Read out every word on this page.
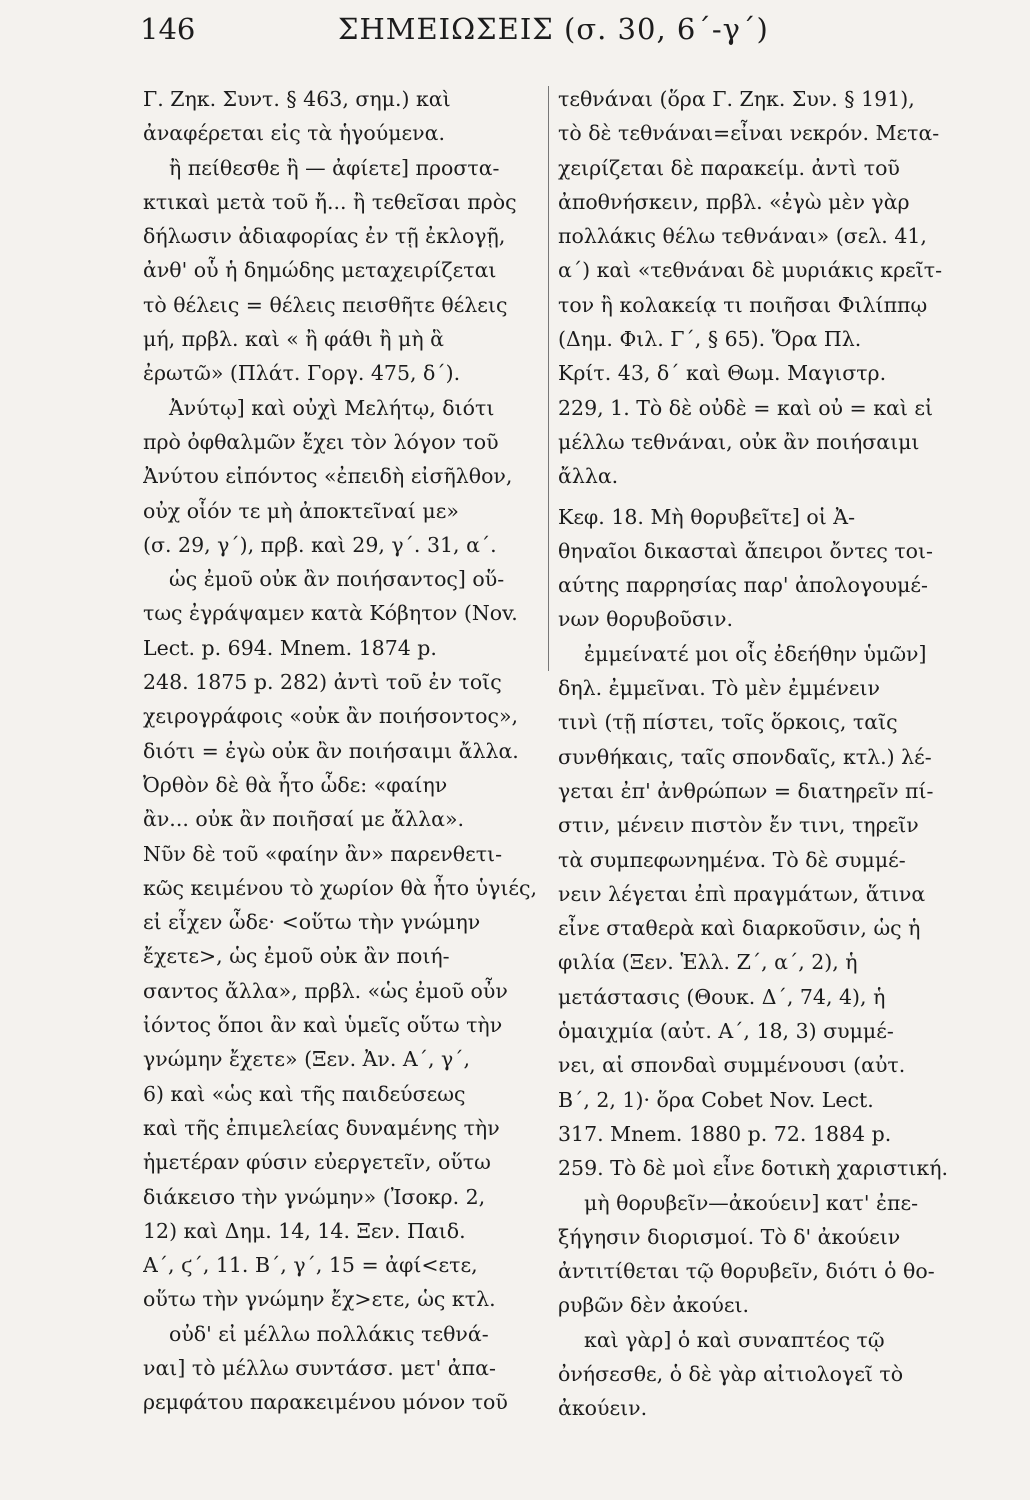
146	ΣΗΜΕΙΩΣΕΙΣ (σ. 30, 6΄-γ΄)
Γ. Ζηκ. Συντ. § 463, σημ.) καὶ
ἀναφέρεται εἰς τὰ ἡγούμενα.
ἢ πείθεσθε ἢ — ἀφίετε] προστα-
κτικαὶ μετὰ τοῦ ἤ... ἢ τεθεῖσαι πρὸς
δήλωσιν ἀδιαφορίας ἐν τῇ ἐκλογῇ,
ἀνθ' οὗ ἡ δημώδης μεταχειρίζεται
τὸ θέλεις = θέλεις πεισθῆτε θέλεις
μή, πρβλ. καὶ « ἢ φάθι ἢ μὴ ἃ
ἐρωτῶ» (Πλάτ. Γοργ. 475, δ΄).
Ἀνύτῳ] καὶ οὐχὶ Μελήτῳ, διότι
πρὸ ὀφθαλμῶν ἔχει τὸν λόγον τοῦ
Ἀνύτου εἰπόντος «ἐπειδὴ εἰσῆλθον,
οὐχ οἷόν τε μὴ ἀποκτεῖναί με»
(σ. 29, γ΄), πρβ. καὶ 29, γ΄. 31, α΄.
ὡς ἐμοῦ οὐκ ἂν ποιήσαντος] οὕ-
τως ἐγράψαμεν κατὰ Κόβητον (Nov.
Lect. p. 694. Mnem. 1874 p.
248. 1875 p. 282) ἀντὶ τοῦ ἐν τοῖς
χειρογράφοις «οὐκ ἂν ποιήσοντος»,
διότι = ἐγὼ οὐκ ἂν ποιήσαιμι ἄλλα.
Ὀρθὸν δὲ θὰ ἦτο ὧδε: «φαίην
ἂν... οὐκ ἂν ποιῆσαί με ἄλλα».
Νῦν δὲ τοῦ «φαίην ἂν» παρενθετι-
κῶς κειμένου τὸ χωρίον θὰ ἦτο ὑγιές,
εἰ εἶχεν ὧδε· <οὕτω τὴν γνώμην
ἔχετε>, ὡς ἐμοῦ οὐκ ἂν ποιή-
σαντος ἄλλα», πρβλ. «ὡς ἐμοῦ οὖν
ἰόντος ὅποι ἂν καὶ ὑμεῖς οὕτω τὴν
γνώμην ἔχετε» (Ξεν. Ἀν. Α΄, γ΄,
6) καὶ «ὡς καὶ τῆς παιδεύσεως
καὶ τῆς ἐπιμελείας δυναμένης τὴν
ἡμετέραν φύσιν εὐεργετεῖν, οὕτω
διάκεισο τὴν γνώμην» (Ἰσοκρ. 2,
12) καὶ Δημ. 14, 14. Ξεν. Παιδ.
Α΄, ϛ΄, 11. Β΄, γ΄, 15 = ἀφί<ετε,
οὕτω τὴν γνώμην ἔχ>ετε, ὡς κτλ.
οὐδ' εἰ μέλλω πολλάκις τεθνά-
ναι] τὸ μέλλω συντάσσ. μετ' ἀπα-
ρεμφάτου παρακειμένου μόνον τοῦ
τεθνάναι (ὅρα Γ. Ζηκ. Συν. § 191),
τὸ δὲ τεθνάναι=εἶναι νεκρόν. Μετα-
χειρίζεται δὲ παρακείμ. ἀντὶ τοῦ
ἀποθνήσκειν, πρβλ. «ἐγὼ μὲν γὰρ
πολλάκις θέλω τεθνάναι» (σελ. 41,
α΄) καὶ «τεθνάναι δὲ μυριάκις κρεῖτ-
τον ἢ κολακείᾳ τι ποιῆσαι Φιλίππῳ
(Δημ. Φιλ. Γ΄, § 65). Ὅρα Πλ.
Κρίτ. 43, δ΄ καὶ Θωμ. Μαγιστρ.
229, 1. Τὸ δὲ οὐδὲ = καὶ οὐ = καὶ εἰ
μέλλω τεθνάναι, οὐκ ἂν ποιήσαιμι
ἄλλα.
Κεφ. 18. Μὴ θορυβεῖτε] οἱ Ἀ-
θηναῖοι δικασταὶ ἄπειροι ὄντες τοι-
αύτης παρρησίας παρ' ἀπολογουμέ-
νων θορυβοῦσιν.
ἐμμείνατέ μοι οἷς ἐδεήθην ὑμῶν]
δηλ. ἐμμεῖναι. Τὸ μὲν ἐμμένειν
τινὶ (τῇ πίστει, τοῖς ὅρκοις, ταῖς
συνθήκαις, ταῖς σπονδαῖς, κτλ.) λέ-
γεται ἐπ' ἀνθρώπων = διατηρεῖν πί-
στιν, μένειν πιστὸν ἔν τινι, τηρεῖν
τὰ συμπεφωνημένα. Τὸ δὲ συμμέ-
νειν λέγεται ἐπὶ πραγμάτων, ἅτινα
εἶνε σταθερὰ καὶ διαρκοῦσιν, ὡς ἡ
φιλία (Ξεν. Ἑλλ. Ζ΄, α΄, 2), ἡ
μετάστασις (Θουκ. Δ΄, 74, 4), ἡ
ὁμαιχμία (αὐτ. Α΄, 18, 3) συμμέ-
νει, αἱ σπονδαὶ συμμένουσι (αὐτ.
Β΄, 2, 1)· ὅρα Cobet Nov. Lect.
317. Mnem. 1880 p. 72. 1884 p.
259. Τὸ δὲ μοὶ εἶνε δοτικὴ χαριστική.
μὴ θορυβεῖν—ἀκούειν] κατ' ἐπε-
ξήγησιν διορισμοί. Τὸ δ' ἀκούειν
ἀντιτίθεται τῷ θορυβεῖν, διότι ὁ θο-
ρυβῶν δὲν ἀκούει.
καὶ γὰρ] ὁ καὶ συναπτέος τῷ
ὀνήσεσθε, ὁ δὲ γὰρ αἰτιολογεῖ τὸ
ἀκούειν.
